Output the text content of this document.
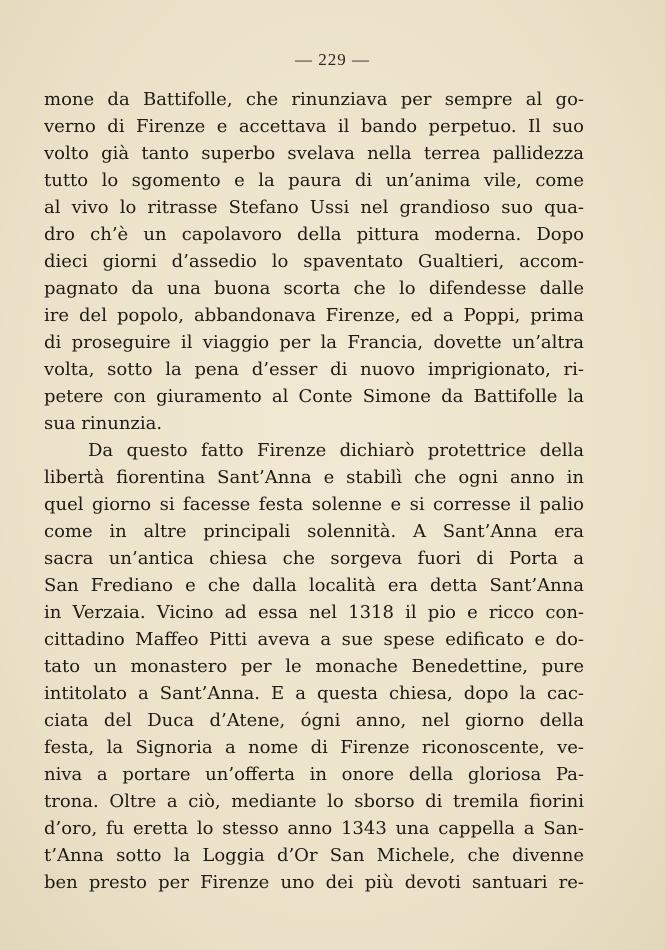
— 229 —
mone da Battifolle, che rinunziava per sempre al go-
verno di Firenze e accettava il bando perpetuo. Il suo
volto già tanto superbo svelava nella terrea pallidezza
tutto lo sgomento e la paura di un’anima vile, come
al vivo lo ritrasse Stefano Ussi nel grandioso suo qua-
dro ch’è un capolavoro della pittura moderna. Dopo
dieci giorni d’assedio lo spaventato Gualtieri, accom-
pagnato da una buona scorta che lo difendesse dalle
ire del popolo, abbandonava Firenze, ed a Poppi, prima
di proseguire il viaggio per la Francia, dovette un’altra
volta, sotto la pena d’esser di nuovo imprigionato, ri-
petere con giuramento al Conte Simone da Battifolle la
sua rinunzia.
Da questo fatto Firenze dichiarò protettrice della
libertà fiorentina Sant’Anna e stabilì che ogni anno in
quel giorno si facesse festa solenne e si corresse il palio
come in altre principali solennità. A Sant’Anna era
sacra un’antica chiesa che sorgeva fuori di Porta a
San Frediano e che dalla località era detta Sant’Anna
in Verzaia. Vicino ad essa nel 1318 il pio e ricco con-
cittadino Maffeo Pitti aveva a sue spese edificato e do-
tato un monastero per le monache Benedettine, pure
intitolato a Sant’Anna. E a questa chiesa, dopo la cac-
ciata del Duca d’Atene, ógni anno, nel giorno della
festa, la Signoria a nome di Firenze riconoscente, ve-
niva a portare un’offerta in onore della gloriosa Pa-
trona. Oltre a ciò, mediante lo sborso di tremila fiorini
d’oro, fu eretta lo stesso anno 1343 una cappella a San-
t’Anna sotto la Loggia d’Or San Michele, che divenne
ben presto per Firenze uno dei più devoti santuari re-
